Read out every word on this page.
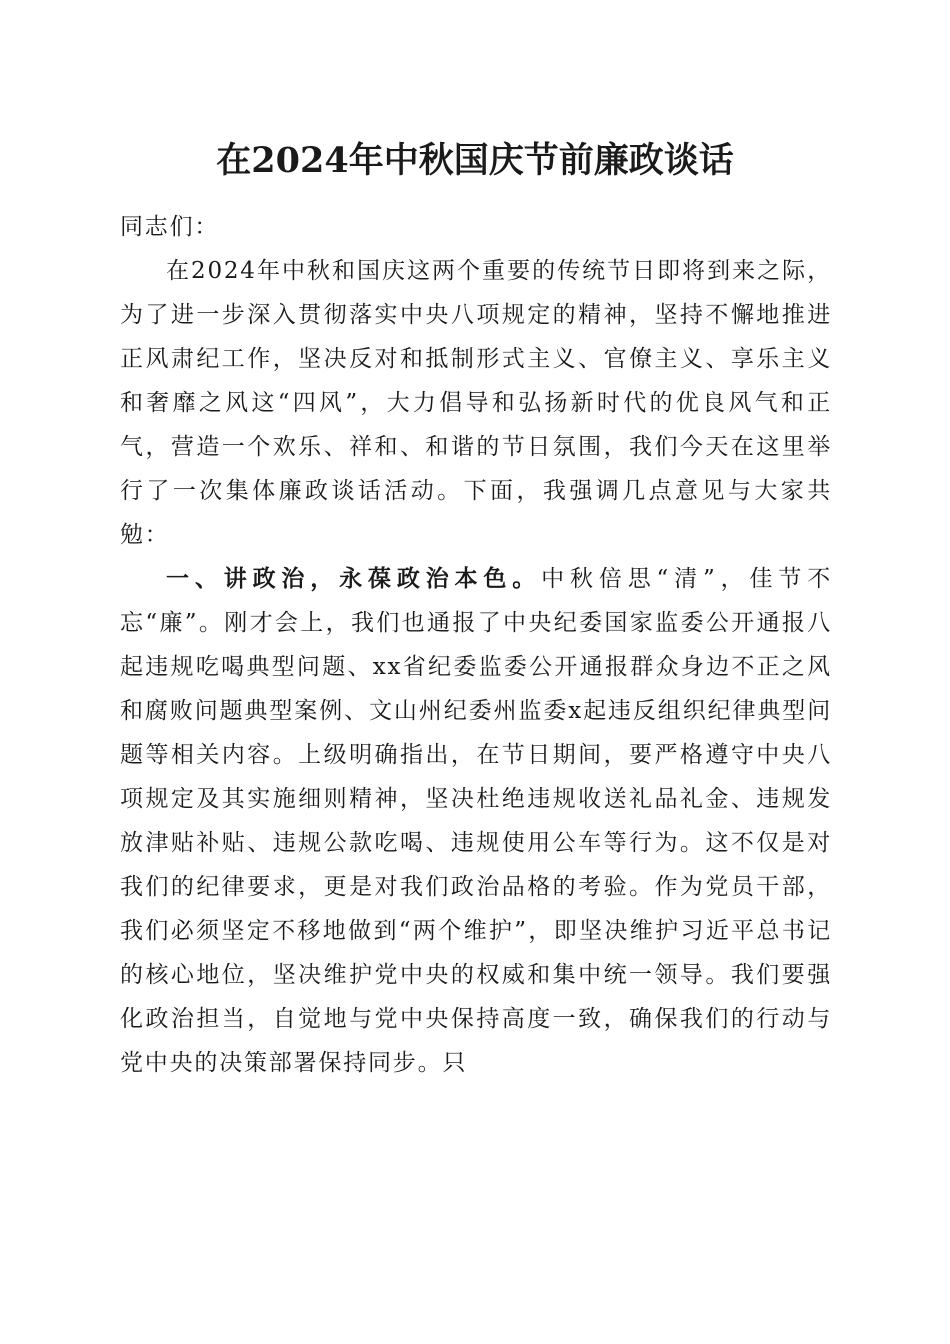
在2024年中秋国庆节前廉政谈话

同志们：

在2024年中秋和国庆这两个重要的传统节日即将到来之际，为了进一步深入贯彻落实中央八项规定的精神，坚持不懈地推进正风肃纪工作，坚决反对和抵制形式主义、官僚主义、享乐主义和奢靡之风这“四风”，大力倡导和弘扬新时代的优良风气和正气，营造一个欢乐、祥和、和谐的节日氛围，我们今天在这里举行了一次集体廉政谈话活动。下面，我强调几点意见与大家共勉：

一、讲政治，永葆政治本色。中秋倍思“清”，佳节不忘“廉”。刚才会上，我们也通报了中央纪委国家监委公开通报八起违规吃喝典型问题、xx省纪委监委公开通报群众身边不正之风和腐败问题典型案例、文山州纪委州监委x起违反组织纪律典型问题等相关内容。上级明确指出，在节日期间，要严格遵守中央八项规定及其实施细则精神，坚决杜绝违规收送礼品礼金、违规发放津贴补贴、违规公款吃喝、违规使用公车等行为。这不仅是对我们的纪律要求，更是对我们政治品格的考验。作为党员干部，我们必须坚定不移地做到“两个维护”，即坚决维护习近平总书记的核心地位，坚决维护党中央的权威和集中统一领导。我们要强化政治担当，自觉地与党中央保持高度一致，确保我们的行动与党中央的决策部署保持同步。只
